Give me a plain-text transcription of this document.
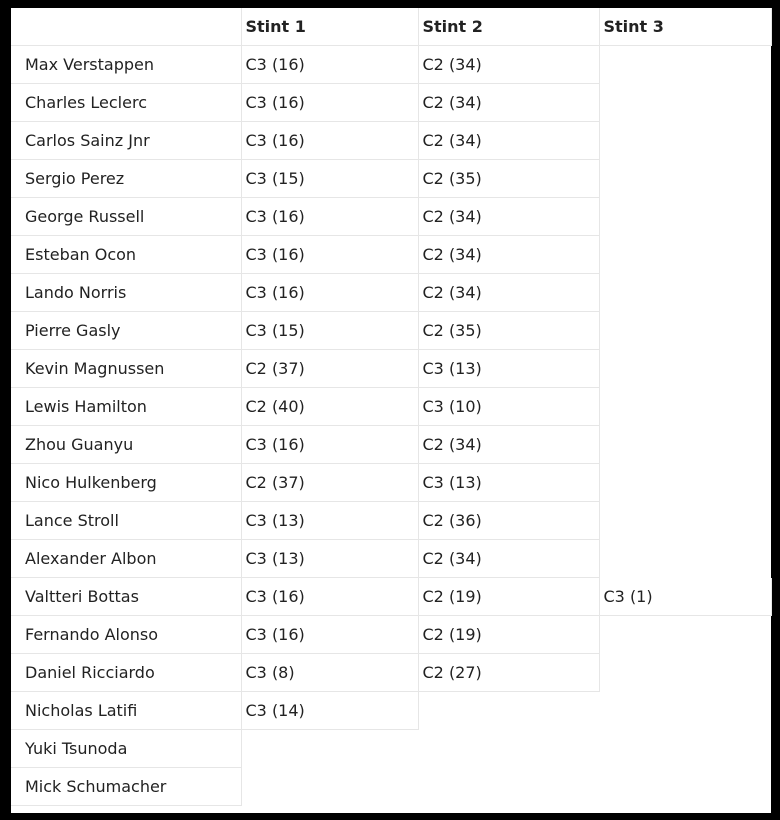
	Stint 1	Stint 2	Stint 3
Max Verstappen	C3 (16)	C2 (34)	
Charles Leclerc	C3 (16)	C2 (34)	
Carlos Sainz Jnr	C3 (16)	C2 (34)	
Sergio Perez	C3 (15)	C2 (35)	
George Russell	C3 (16)	C2 (34)	
Esteban Ocon	C3 (16)	C2 (34)	
Lando Norris	C3 (16)	C2 (34)	
Pierre Gasly	C3 (15)	C2 (35)	
Kevin Magnussen	C2 (37)	C3 (13)	
Lewis Hamilton	C2 (40)	C3 (10)	
Zhou Guanyu	C3 (16)	C2 (34)	
Nico Hulkenberg	C2 (37)	C3 (13)	
Lance Stroll	C3 (13)	C2 (36)	
Alexander Albon	C3 (13)	C2 (34)	
Valtteri Bottas	C3 (16)	C2 (19)	C3 (1)
Fernando Alonso	C3 (16)	C2 (19)	
Daniel Ricciardo	C3 (8)	C2 (27)	
Nicholas Latifi	C3 (14)		
Yuki Tsunoda			
Mick Schumacher			
